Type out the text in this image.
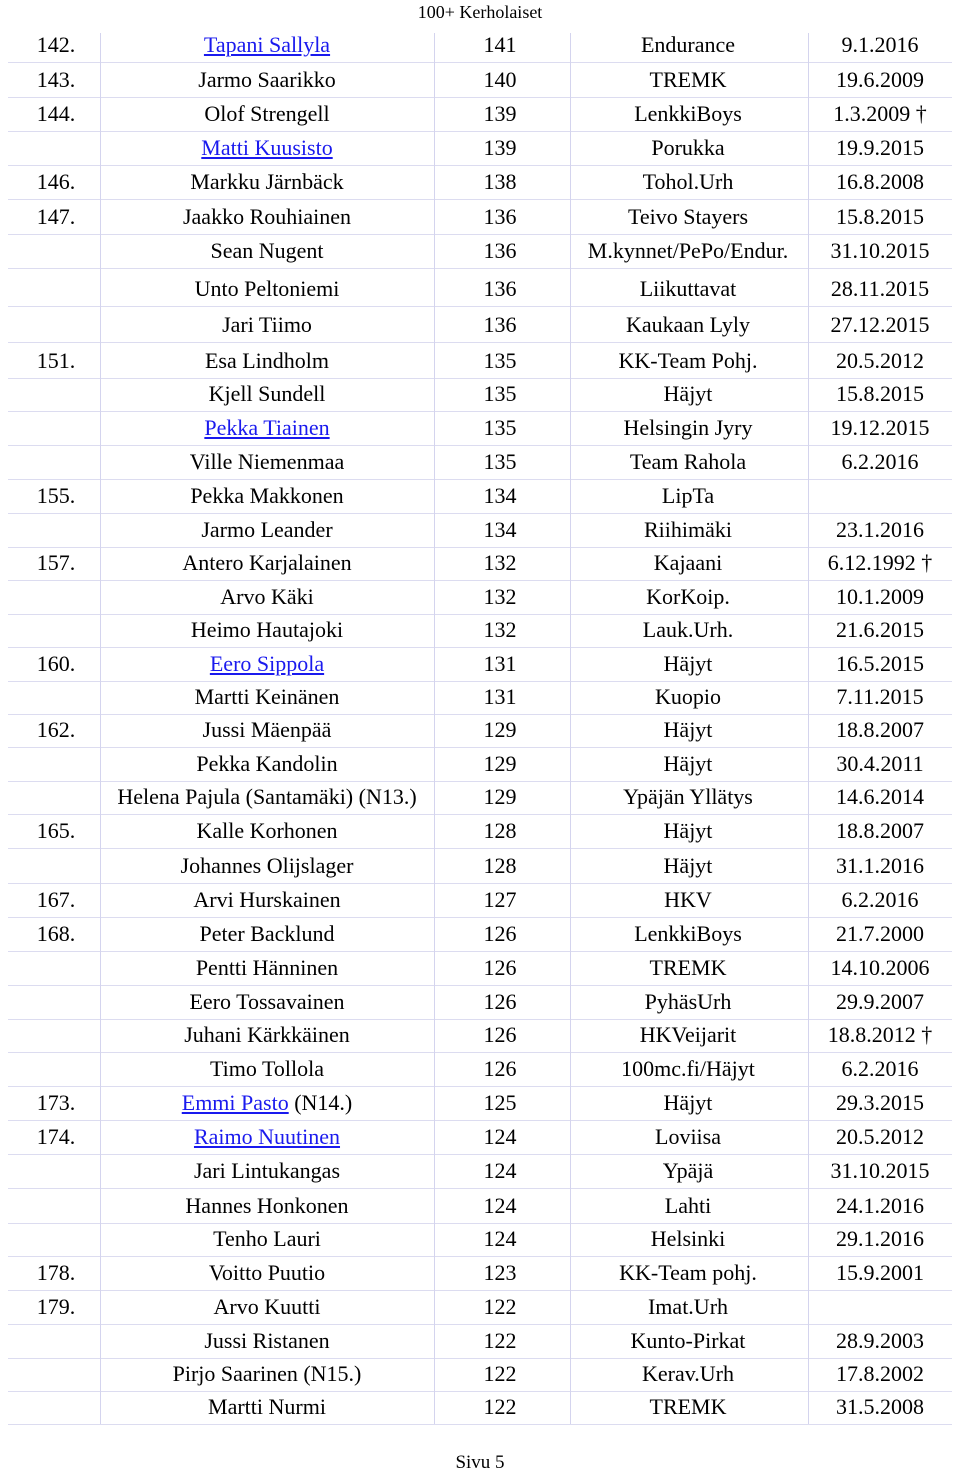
100+ Kerholaiset
142.	Tapani Sallyla	141	Endurance	9.1.2016
143.	Jarmo Saarikko	140	TREMK	19.6.2009
144.	Olof Strengell	139	LenkkiBoys	1.3.2009 †
Matti Kuusisto	139	Porukka	19.9.2015
146.	Markku Järnbäck	138	Tohol.Urh	16.8.2008
147.	Jaakko Rouhiainen	136	Teivo Stayers	15.8.2015
Sean Nugent	136	M.kynnet/PePo/Endur.	31.10.2015
Unto Peltoniemi	136	Liikuttavat	28.11.2015
Jari Tiimo	136	Kaukaan Lyly	27.12.2015
151.	Esa Lindholm	135	KK-Team Pohj.	20.5.2012
Kjell Sundell	135	Häjyt	15.8.2015
Pekka Tiainen	135	Helsingin Jyry	19.12.2015
Ville Niemenmaa	135	Team Rahola	6.2.2016
155.	Pekka Makkonen	134	LipTa
Jarmo Leander	134	Riihimäki	23.1.2016
157.	Antero Karjalainen	132	Kajaani	6.12.1992 †
Arvo Käki	132	KorKoip.	10.1.2009
Heimo Hautajoki	132	Lauk.Urh.	21.6.2015
160.	Eero Sippola	131	Häjyt	16.5.2015
Martti Keinänen	131	Kuopio	7.11.2015
162.	Jussi Mäenpää	129	Häjyt	18.8.2007
Pekka Kandolin	129	Häjyt	30.4.2011
Helena Pajula (Santamäki) (N13.)	129	Ypäjän Yllätys	14.6.2014
165.	Kalle Korhonen	128	Häjyt	18.8.2007
Johannes Olijslager	128	Häjyt	31.1.2016
167.	Arvi Hurskainen	127	HKV	6.2.2016
168.	Peter Backlund	126	LenkkiBoys	21.7.2000
Pentti Hänninen	126	TREMK	14.10.2006
Eero Tossavainen	126	PyhäsUrh	29.9.2007
Juhani Kärkkäinen	126	HKVeijarit	18.8.2012 †
Timo Tollola	126	100mc.fi/Häjyt	6.2.2016
173.	Emmi Pasto (N14.)	125	Häjyt	29.3.2015
174.	Raimo Nuutinen	124	Loviisa	20.5.2012
Jari Lintukangas	124	Ypäjä	31.10.2015
Hannes Honkonen	124	Lahti	24.1.2016
Tenho Lauri	124	Helsinki	29.1.2016
178.	Voitto Puutio	123	KK-Team pohj.	15.9.2001
179.	Arvo Kuutti	122	Imat.Urh
Jussi Ristanen	122	Kunto-Pirkat	28.9.2003
Pirjo Saarinen (N15.)	122	Kerav.Urh	17.8.2002
Martti Nurmi	122	TREMK	31.5.2008
Sivu 5
